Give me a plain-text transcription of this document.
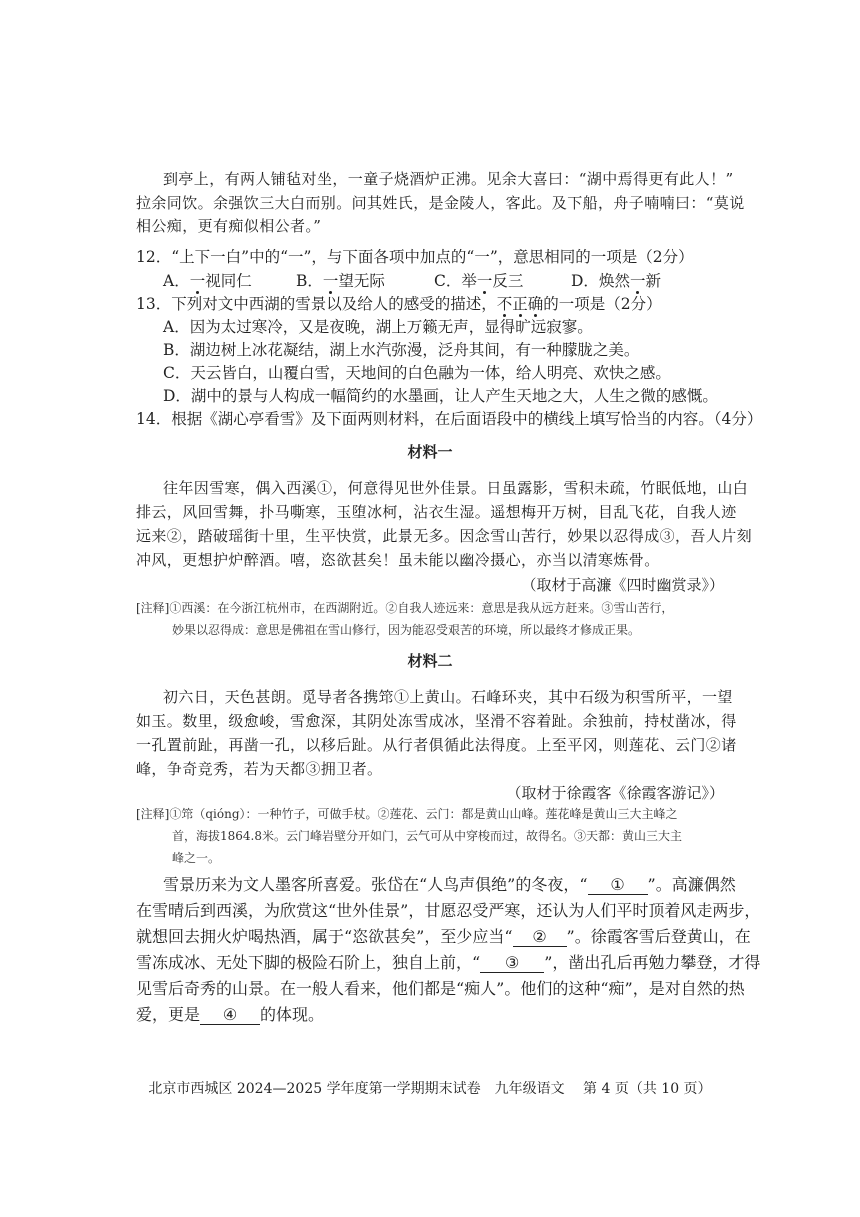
到亭上，有两人铺毡对坐，一童子烧酒炉正沸。见余大喜曰：“湖中焉得更有此人！”
拉余同饮。余强饮三大白而别。问其姓氏，是金陵人，客此。及下船，舟子喃喃曰：“莫说
相公痴，更有痴似相公者。”
12．“上下一白”中的“一”，与下面各项中加点的“一”，意思相同的一项是（2分）
A．一视同仁	B．一望无际	C．举一反三	D．焕然一新
13．下列对文中西湖的雪景以及给人的感受的描述，不正确的一项是（2分）
A．因为太过寒冷，又是夜晚，湖上万籁无声，显得旷远寂寥。
B．湖边树上冰花凝结，湖上水汽弥漫，泛舟其间，有一种朦胧之美。
C．天云皆白，山覆白雪，天地间的白色融为一体，给人明亮、欢快之感。
D．湖中的景与人构成一幅简约的水墨画，让人产生天地之大，人生之微的感慨。
14．根据《湖心亭看雪》及下面两则材料，在后面语段中的横线上填写恰当的内容。（4分）
材料一
往年因雪寒，偶入西溪①，何意得见世外佳景。日虽露影，雪积未疏，竹眠低地，山白
排云，风回雪舞，扑马嘶寒，玉堕冰柯，沾衣生湿。遥想梅开万树，目乱飞花，自我人迹
远来②，踏破瑶街十里，生平快赏，此景无多。因念雪山苦行，妙果以忍得成③，吾人片刻
冲风，更想护炉醉酒。嘻，恣欲甚矣！虽未能以幽冷摄心，亦当以清寒炼骨。
（取材于高濂《四时幽赏录》）
[注释]①西溪：在今浙江杭州市，在西湖附近。②自我人迹远来：意思是我从远方赶来。③雪山苦行，
妙果以忍得成：意思是佛祖在雪山修行，因为能忍受艰苦的环境，所以最终才修成正果。
材料二
初六日，天色甚朗。觅导者各携筇①上黄山。石峰环夹，其中石级为积雪所平，一望
如玉。数里，级愈峻，雪愈深，其阴处冻雪成冰，坚滑不容着趾。余独前，持杖凿冰，得
一孔置前趾，再凿一孔，以移后趾。从行者俱循此法得度。上至平冈，则莲花、云门②诸
峰，争奇竞秀，若为天都③拥卫者。
（取材于徐霞客《徐霞客游记》）
[注释]①筇（qióng）：一种竹子，可做手杖。②莲花、云门：都是黄山山峰。莲花峰是黄山三大主峰之
首，海拔1864.8米。云门峰岩壁分开如门，云气可从中穿梭而过，故得名。③天都：黄山三大主
峰之一。
雪景历来为文人墨客所喜爱。张岱在“人鸟声俱绝”的冬夜，“ ① ”。高濂偶然
在雪晴后到西溪，为欣赏这“世外佳景”，甘愿忍受严寒，还认为人们平时顶着风走两步，
就想回去拥火炉喝热酒，属于“恣欲甚矣”，至少应当“ ② ”。徐霞客雪后登黄山，在
雪冻成冰、无处下脚的极险石阶上，独自上前，“ ③ ”，凿出孔后再勉力攀登，才得
见雪后奇秀的山景。在一般人看来，他们都是“痴人”。他们的这种“痴”，是对自然的热
爱，更是 ④ 的体现。
北京市西城区 2024—2025 学年度第一学期期末试卷　九年级语文　 第 4 页（共 10 页）
